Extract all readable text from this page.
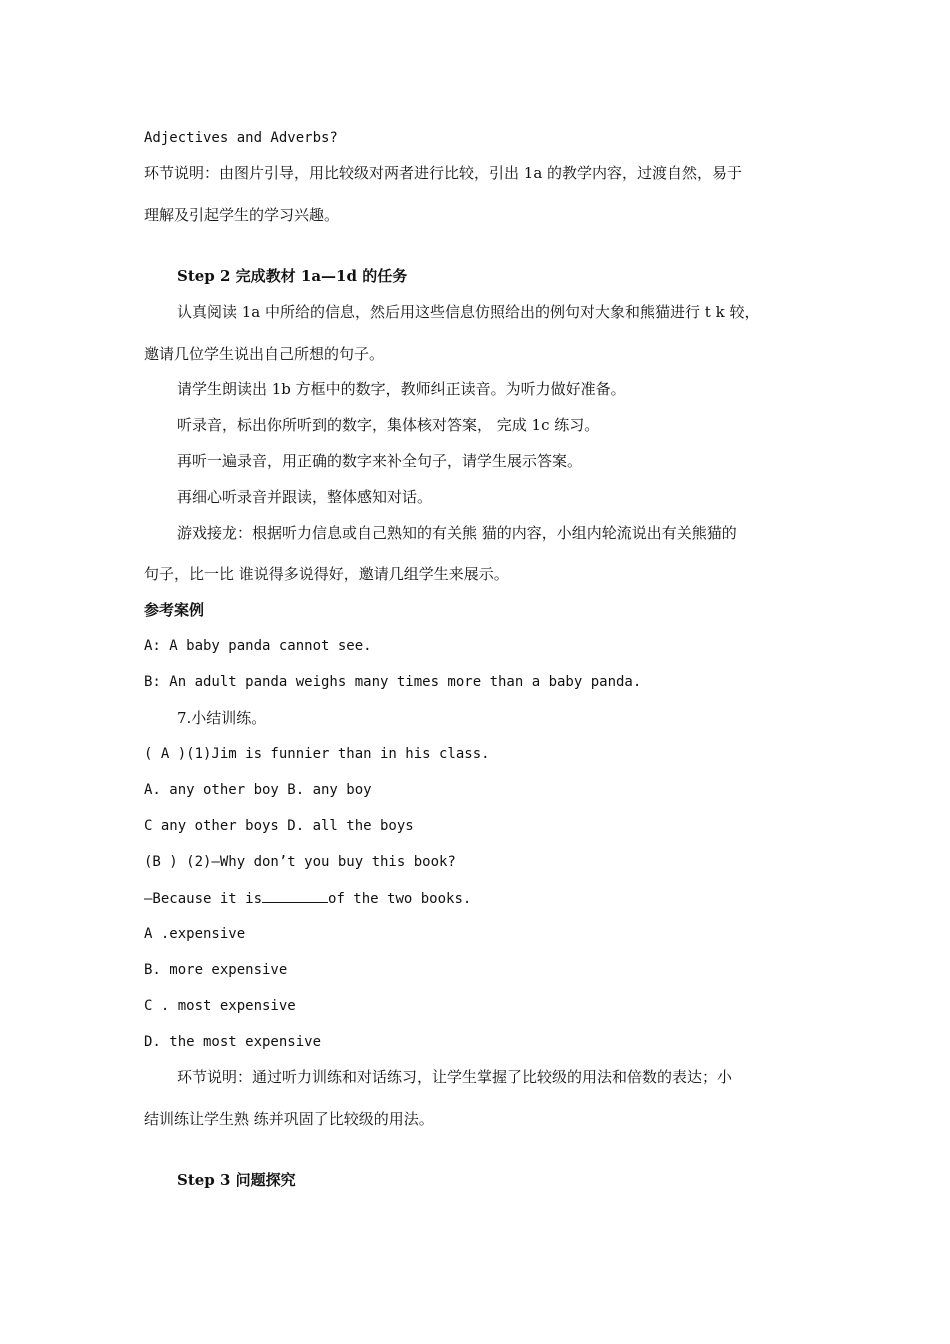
Adjectives and Adverbs?
环节说明：由图片引导，用比较级对两者进行比较，引出 1a 的教学内容，过渡自然，易于
理解及引起学生的学习兴趣。
Step 2 完成教材 1a—1d 的任务
认真阅读 1a 中所给的信息，然后用这些信息仿照给出的例句对大象和熊猫进行 t k 较，
邀请几位学生说出自己所想的句子。
请学生朗读出 1b 方框中的数字，教师纠正读音。为听力做好准备。
听录音，标出你所听到的数字，集体核对答案， 完成 1c 练习。
再听一遍录音，用正确的数字来补全句子，请学生展示答案。
再细心听录音并跟读，整体感知对话。
游戏接龙：根据听力信息或自己熟知的有关熊 猫的内容，小组内轮流说出有关熊猫的
句子，比一比 谁说得多说得好，邀请几组学生来展示。
参考案例
A: A baby panda cannot see.
B: An adult panda weighs many times more than a baby panda.
7.小结训练。
( A )(1)Jim is funnier than in his class.
A. any other boy B. any boy
C any other boys D. all the boys
(B ) (2)—Why don’t you buy this book?
—Because it is	of the two books.
A .expensive
B. more expensive
C . most expensive
D. the most expensive
环节说明：通过听力训练和对话练习，让学生掌握了比较级的用法和倍数的表达；小
结训练让学生熟 练并巩固了比较级的用法。
Step 3 问题探究
